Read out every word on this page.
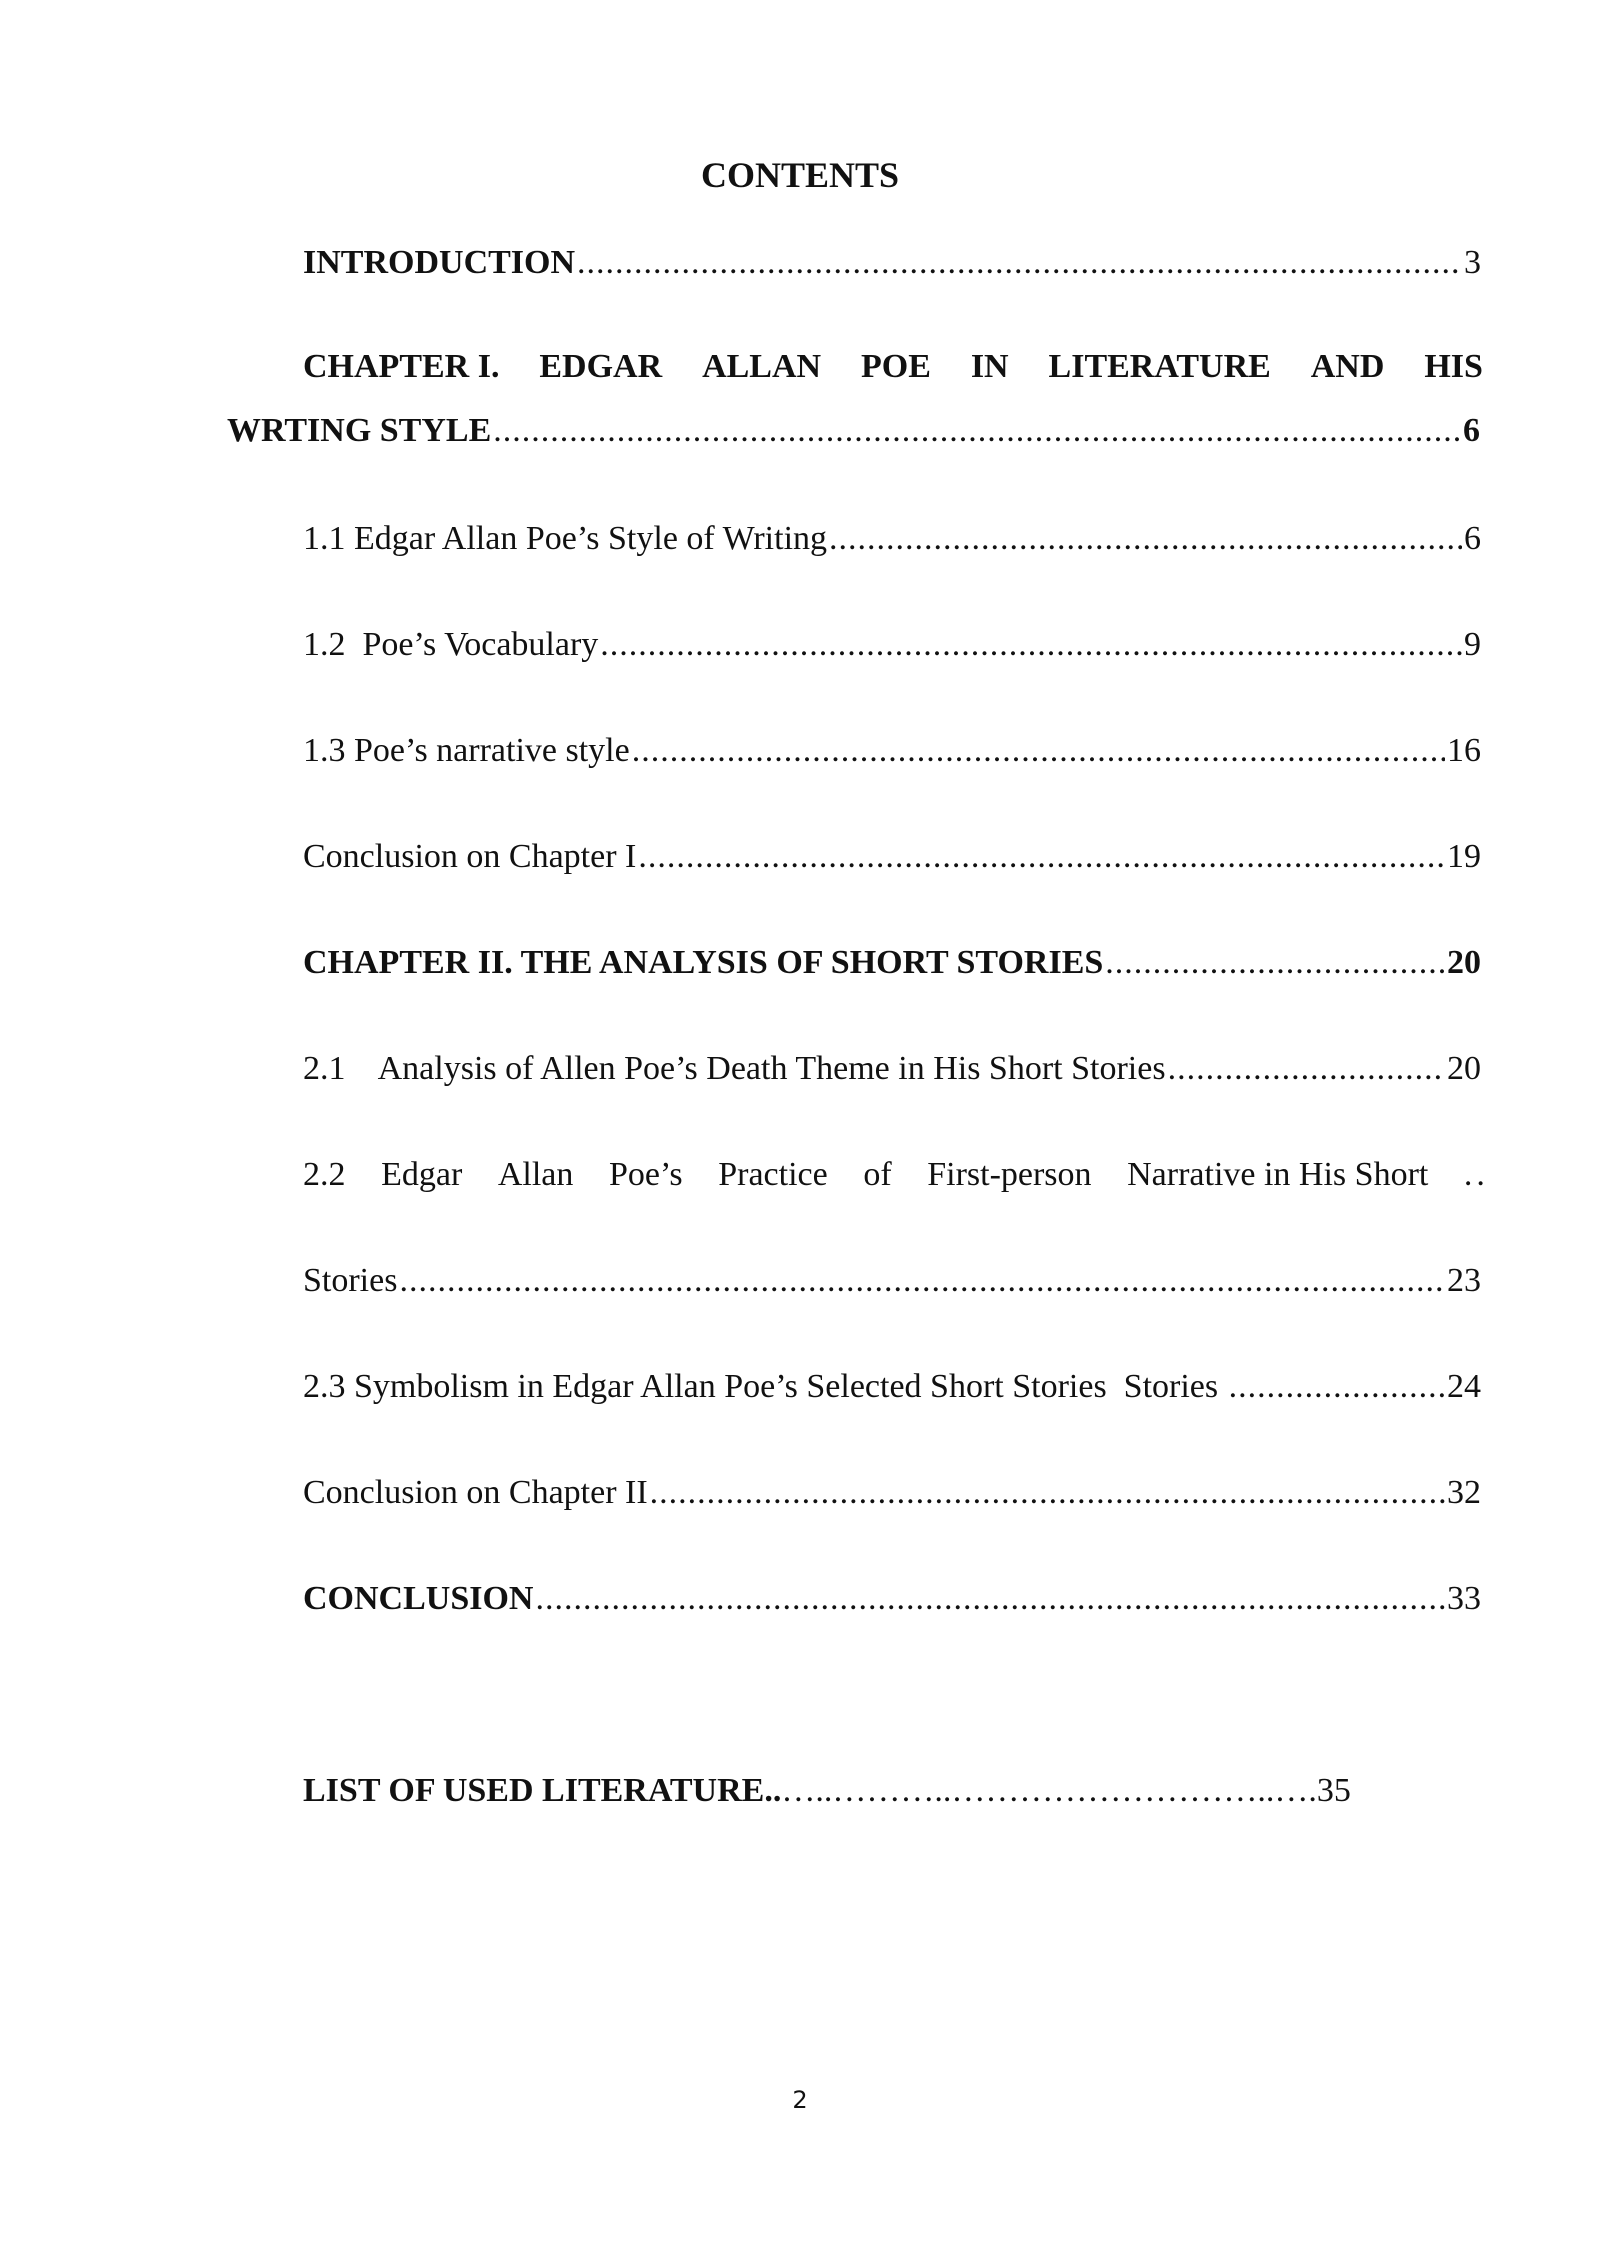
CONTENTS
INTRODUCTION .....	3
CHAPTER I. EDGAR ALLAN POE IN LITERATURE AND HIS
WRTING STYLE .....	6
1.1 Edgar Allan Poe’s Style of Writing .....	6
1.2  Poe’s Vocabulary .....	9
1.3 Poe’s narrative style .....	16
Conclusion on Chapter I .....	19
CHAPTER II. THE ANALYSIS OF SHORT STORIES .....	20
2.1    Analysis of Allen Poe’s Death Theme in His Short Stories .....	20
2.2 Edgar Allan Poe’s Practice of First-person Narrative in His Short ..
Stories .....	23
2.3 Symbolism in Edgar Allan Poe’s Selected Short Stories  Stories .....	24
Conclusion on Chapter II .....	32
CONCLUSION .....	33
LIST OF USED LITERATURE..…..………..………………………..….35
2
